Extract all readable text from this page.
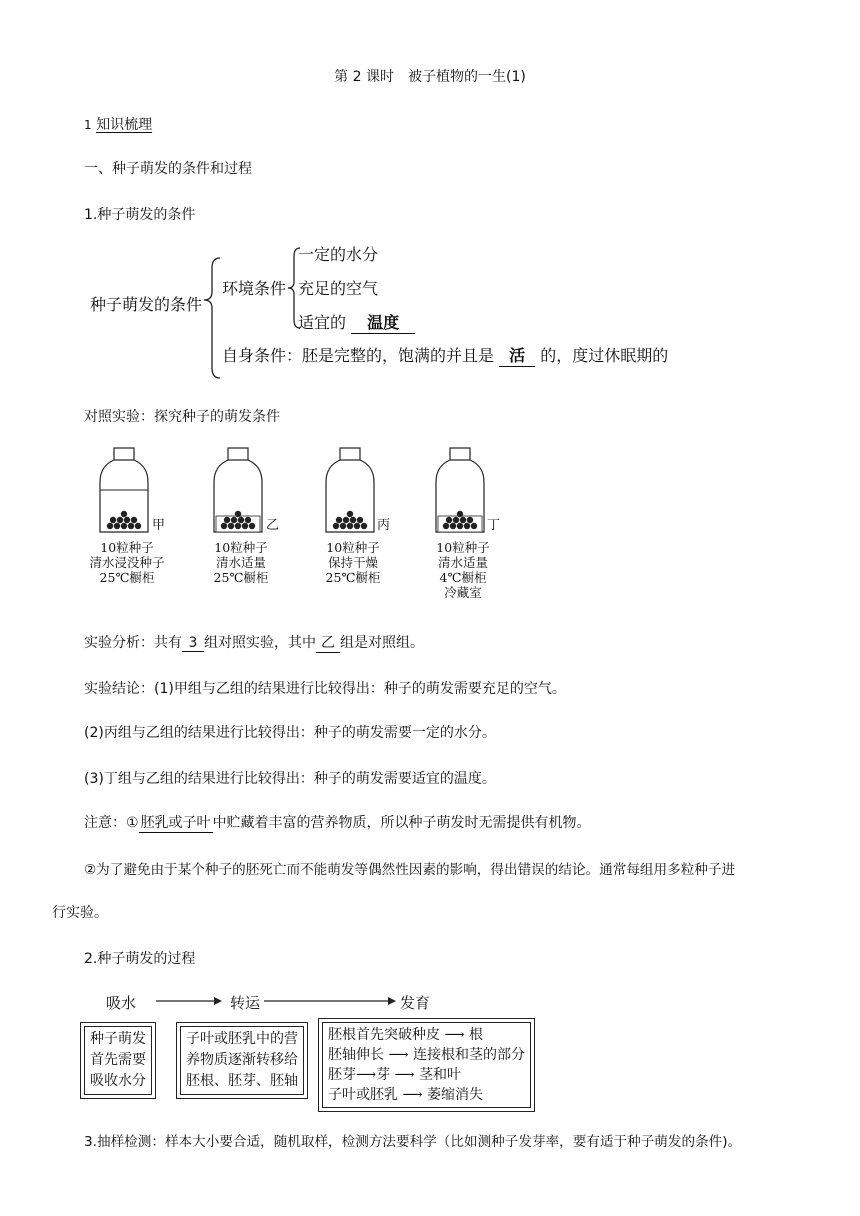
第 2 课时　被子植物的一生(1)
1 知识梳理
一、种子萌发的条件和过程
1.种子萌发的条件
种子萌发的条件
环境条件
一定的水分
充足的空气
适宜的 温度
自身条件：胚是完整的，饱满的并且是 活 的，度过休眠期的
对照实验：探究种子的萌发条件
甲	乙	丙	丁
10粒种子
清水浸没种子
25℃橱柜
10粒种子
清水适量
25℃橱柜
10粒种子
保持干燥
25℃橱柜
10粒种子
清水适量
4℃橱柜
冷藏室
实验分析：共有 3 组对照实验，其中 乙 组是对照组。
实验结论：(1)甲组与乙组的结果进行比较得出：种子的萌发需要充足的空气。
(2)丙组与乙组的结果进行比较得出：种子的萌发需要一定的水分。
(3)丁组与乙组的结果进行比较得出：种子的萌发需要适宜的温度。
注意：① 胚乳或子叶 中贮藏着丰富的营养物质，所以种子萌发时无需提供有机物。
②为了避免由于某个种子的胚死亡而不能萌发等偶然性因素的影响，得出错误的结论。通常每组用多粒种子进
行实验。
2.种子萌发的过程
吸水	转运	发育
种子萌发
首先需要
吸收水分
子叶或胚乳中的营
养物质逐渐转移给
胚根、胚芽、胚轴
胚根首先突破种皮 ⟶ 根
胚轴伸长 ⟶ 连接根和茎的部分
胚芽⟶芽 ⟶ 茎和叶
子叶或胚乳 ⟶ 萎缩消失
3.抽样检测：样本大小要合适，随机取样，检测方法要科学（比如测种子发芽率，要有适于种子萌发的条件)。
